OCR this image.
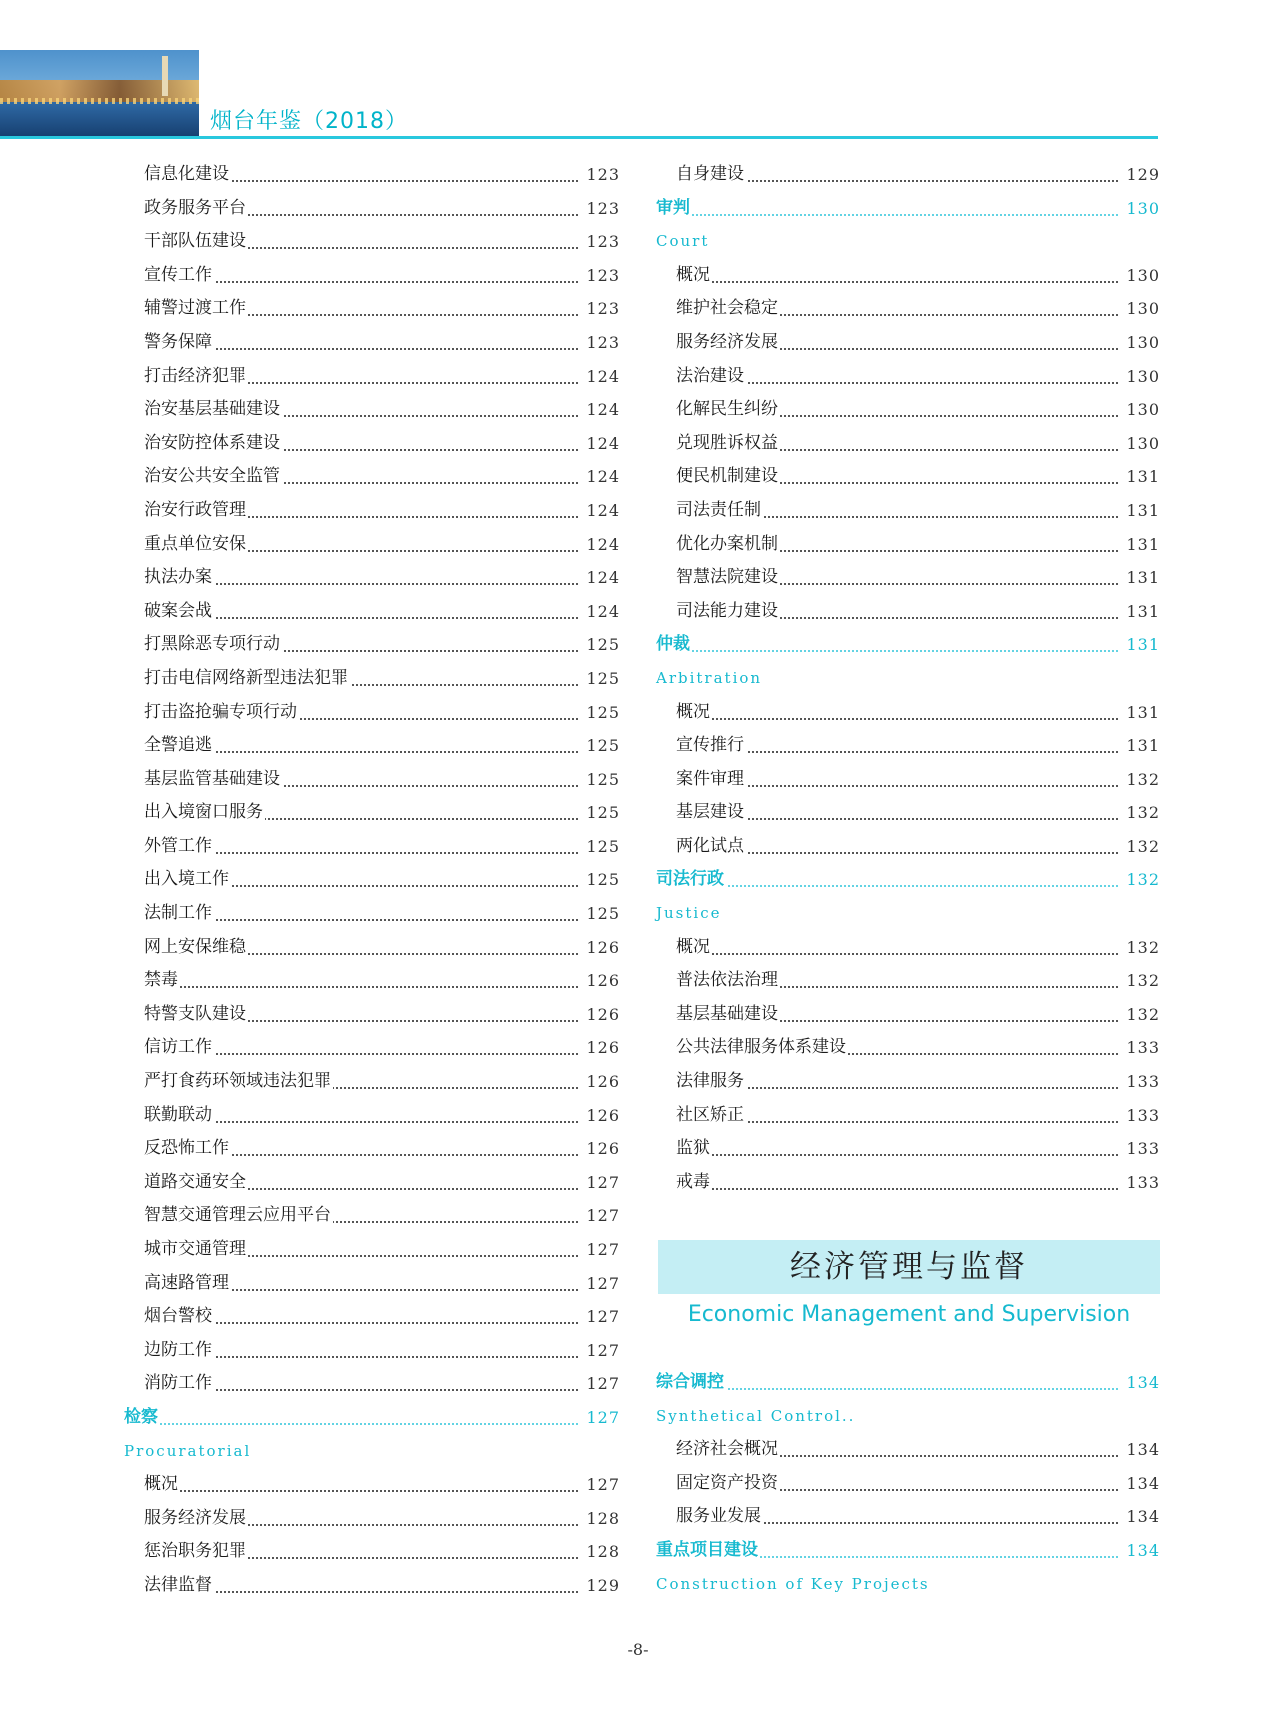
烟台年鉴（2018）
信息化建设	123
政务服务平台	123
干部队伍建设	123
宣传工作	123
辅警过渡工作	123
警务保障	123
打击经济犯罪	124
治安基层基础建设	124
治安防控体系建设	124
治安公共安全监管	124
治安行政管理	124
重点单位安保	124
执法办案	124
破案会战	124
打黑除恶专项行动	125
打击电信网络新型违法犯罪	125
打击盗抢骗专项行动	125
全警追逃	125
基层监管基础建设	125
出入境窗口服务	125
外管工作	125
出入境工作	125
法制工作	125
网上安保维稳	126
禁毒	126
特警支队建设	126
信访工作	126
严打食药环领域违法犯罪	126
联勤联动	126
反恐怖工作	126
道路交通安全	127
智慧交通管理云应用平台	127
城市交通管理	127
高速路管理	127
烟台警校	127
边防工作	127
消防工作	127
检察	127
Procuratorial
概况	127
服务经济发展	128
惩治职务犯罪	128
法律监督	129
自身建设	129
审判	130
Court
概况	130
维护社会稳定	130
服务经济发展	130
法治建设	130
化解民生纠纷	130
兑现胜诉权益	130
便民机制建设	131
司法责任制	131
优化办案机制	131
智慧法院建设	131
司法能力建设	131
仲裁	131
Arbitration
概况	131
宣传推行	131
案件审理	132
基层建设	132
两化试点	132
司法行政	132
Justice
概况	132
普法依法治理	132
基层基础建设	132
公共法律服务体系建设	133
法律服务	133
社区矫正	133
监狱	133
戒毒	133
经济管理与监督
Economic Management and Supervision
综合调控	134
Synthetical Control..
经济社会概况	134
固定资产投资	134
服务业发展	134
重点项目建设	134
Construction of Key Projects
-8-
